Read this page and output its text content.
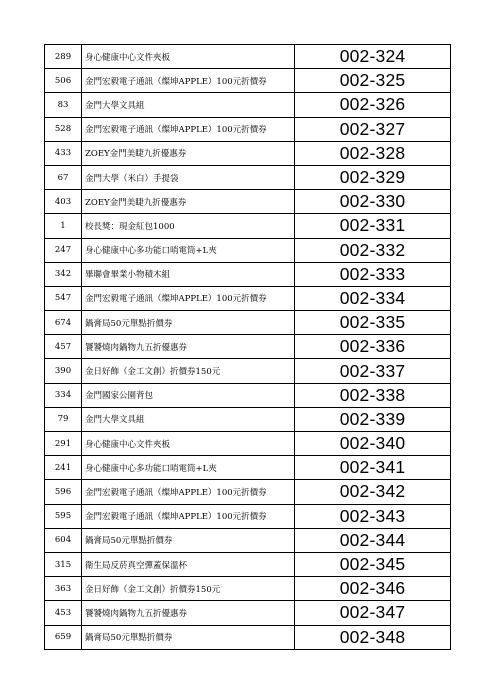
289	身心健康中心文件夾板	002-324
506	金門宏毅電子通訊（燦坤APPLE）100元折價券	002-325
83	金門大學文具組	002-326
528	金門宏毅電子通訊（燦坤APPLE）100元折價券	002-327
433	ZOEY金門美睫九折優惠券	002-328
67	金門大學（米白）手提袋	002-329
403	ZOEY金門美睫九折優惠券	002-330
1	校長獎：現金紅包1000	002-331
247	身心健康中心多功能口哨電筒+L夾	002-332
342	畢聯會畢業小物積木組	002-333
547	金門宏毅電子通訊（燦坤APPLE）100元折價券	002-334
674	鍋膏局50元單點折價券	002-335
457	饕饕燒肉鍋物九五折優惠券	002-336
390	金日好飾（金工文創）折價券150元	002-337
334	金門國家公園背包	002-338
79	金門大學文具組	002-339
291	身心健康中心文件夾板	002-340
241	身心健康中心多功能口哨電筒+L夾	002-341
596	金門宏毅電子通訊（燦坤APPLE）100元折價券	002-342
595	金門宏毅電子通訊（燦坤APPLE）100元折價券	002-343
604	鍋膏局50元單點折價券	002-344
315	衛生局反菸真空彈蓋保溫杯	002-345
363	金日好飾（金工文創）折價券150元	002-346
453	饕饕燒肉鍋物九五折優惠券	002-347
659	鍋膏局50元單點折價券	002-348
